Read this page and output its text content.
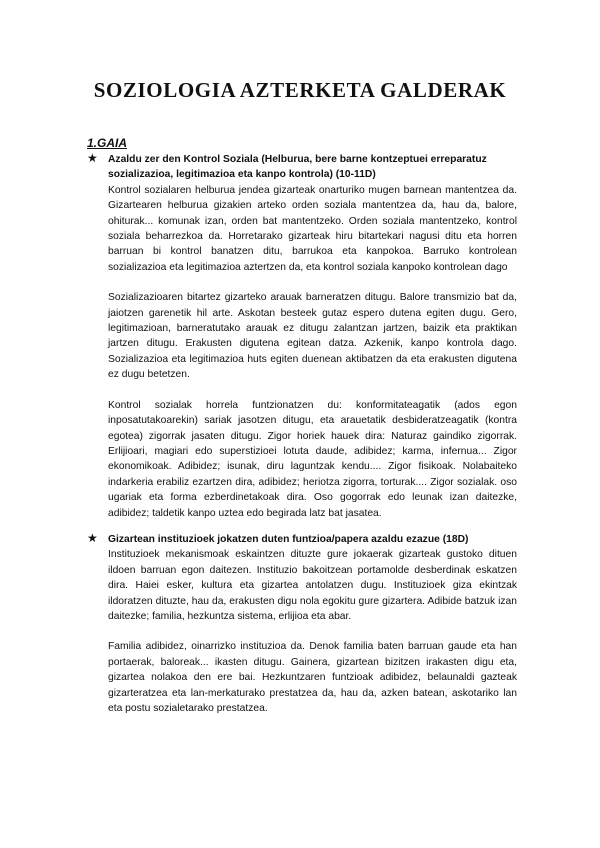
SOZIOLOGIA AZTERKETA GALDERAK
1.GAIA
★ Azaldu zer den Kontrol Soziala (Helburua, bere barne kontzeptuei erreparatuz sozializazioa, legitimazioa eta kanpo kontrola) (10-11D)

Kontrol sozialaren helburua jendea gizarteak onarturiko mugen barnean mantentzea da. Gizartearen helburua gizakien arteko orden soziala mantentzea da, hau da, balore, ohiturak... komunak izan, orden bat mantentzeko. Orden soziala mantentzeko, kontrol soziala beharrezkoa da. Horretarako gizarteak hiru bitartekari nagusi ditu eta horren barruan bi kontrol banatzen ditu, barrukoa eta kanpokoa. Barruko kontrolean sozializazioa eta legitimazioa aztertzen da, eta kontrol soziala kanpoko kontrolean dago

Sozializazioaren bitartez gizarteko arauak barneratzen ditugu. Balore transmizio bat da, jaiotzen garenetik hil arte. Askotan besteek gutaz espero dutena egiten dugu. Gero, legitimazioan, barneratutako arauak ez ditugu zalantzan jartzen, baizik eta praktikan jartzen ditugu. Erakusten digutena egitean datza. Azkenik, kanpo kontrola dago. Sozializazioa eta legitimazioa huts egiten duenean aktibatzen da eta erakusten digutena ez dugu betetzen.

Kontrol sozialak horrela funtzionatzen du: konformitateagatik (ados egon inposatutakoarekin) sariak jasotzen ditugu, eta arauetatik desbideratzeagatik (kontra egotea) zigorrak jasaten ditugu. Zigor horiek hauek dira: Naturaz gaindiko zigorrak. Erlijioari, magiari edo superstizioei lotuta daude, adibidez; karma, infernua... Zigor ekonomikoak. Adibidez; isunak, diru laguntzak kendu.... Zigor fisikoak. Nolabaiteko indarkeria erabiliz ezartzen dira, adibidez; heriotza zigorra, torturak.... Zigor sozialak. oso ugariak eta forma ezberdinetakoak dira. Oso gogorrak edo leunak izan daitezke, adibidez; taldetik kanpo uztea edo begirada latz bat jasatea.

★ Gizartean instituzioek jokatzen duten funtzioa/papera azaldu ezazue (18D)

Instituzioek mekanismoak eskaintzen dituzte gure jokaerak gizarteak gustoko dituen ildoen barruan egon daitezen. Instituzio bakoitzean portamolde desberdinak eskatzen dira. Haiei esker, kultura eta gizartea antolatzen dugu. Instituzioek giza ekintzak ildoratzen dituzte, hau da, erakusten digu nola egokitu gure gizartera. Adibide batzuk izan daitezke; familia, hezkuntza sistema, erlijioa eta abar.

Familia adibidez, oinarrizko instituzioa da. Denok familia baten barruan gaude eta han portaerak, baloreak... ikasten ditugu. Gainera, gizartean bizitzen irakasten digu eta, gizartea nolakoa den ere bai. Hezkuntzaren funtzioak adibidez, belaunaldi gazteak gizarteratzea eta lan-merkaturako prestatzea da, hau da, azken batean, askotariko lan eta postu sozialetarako prestatzea.
